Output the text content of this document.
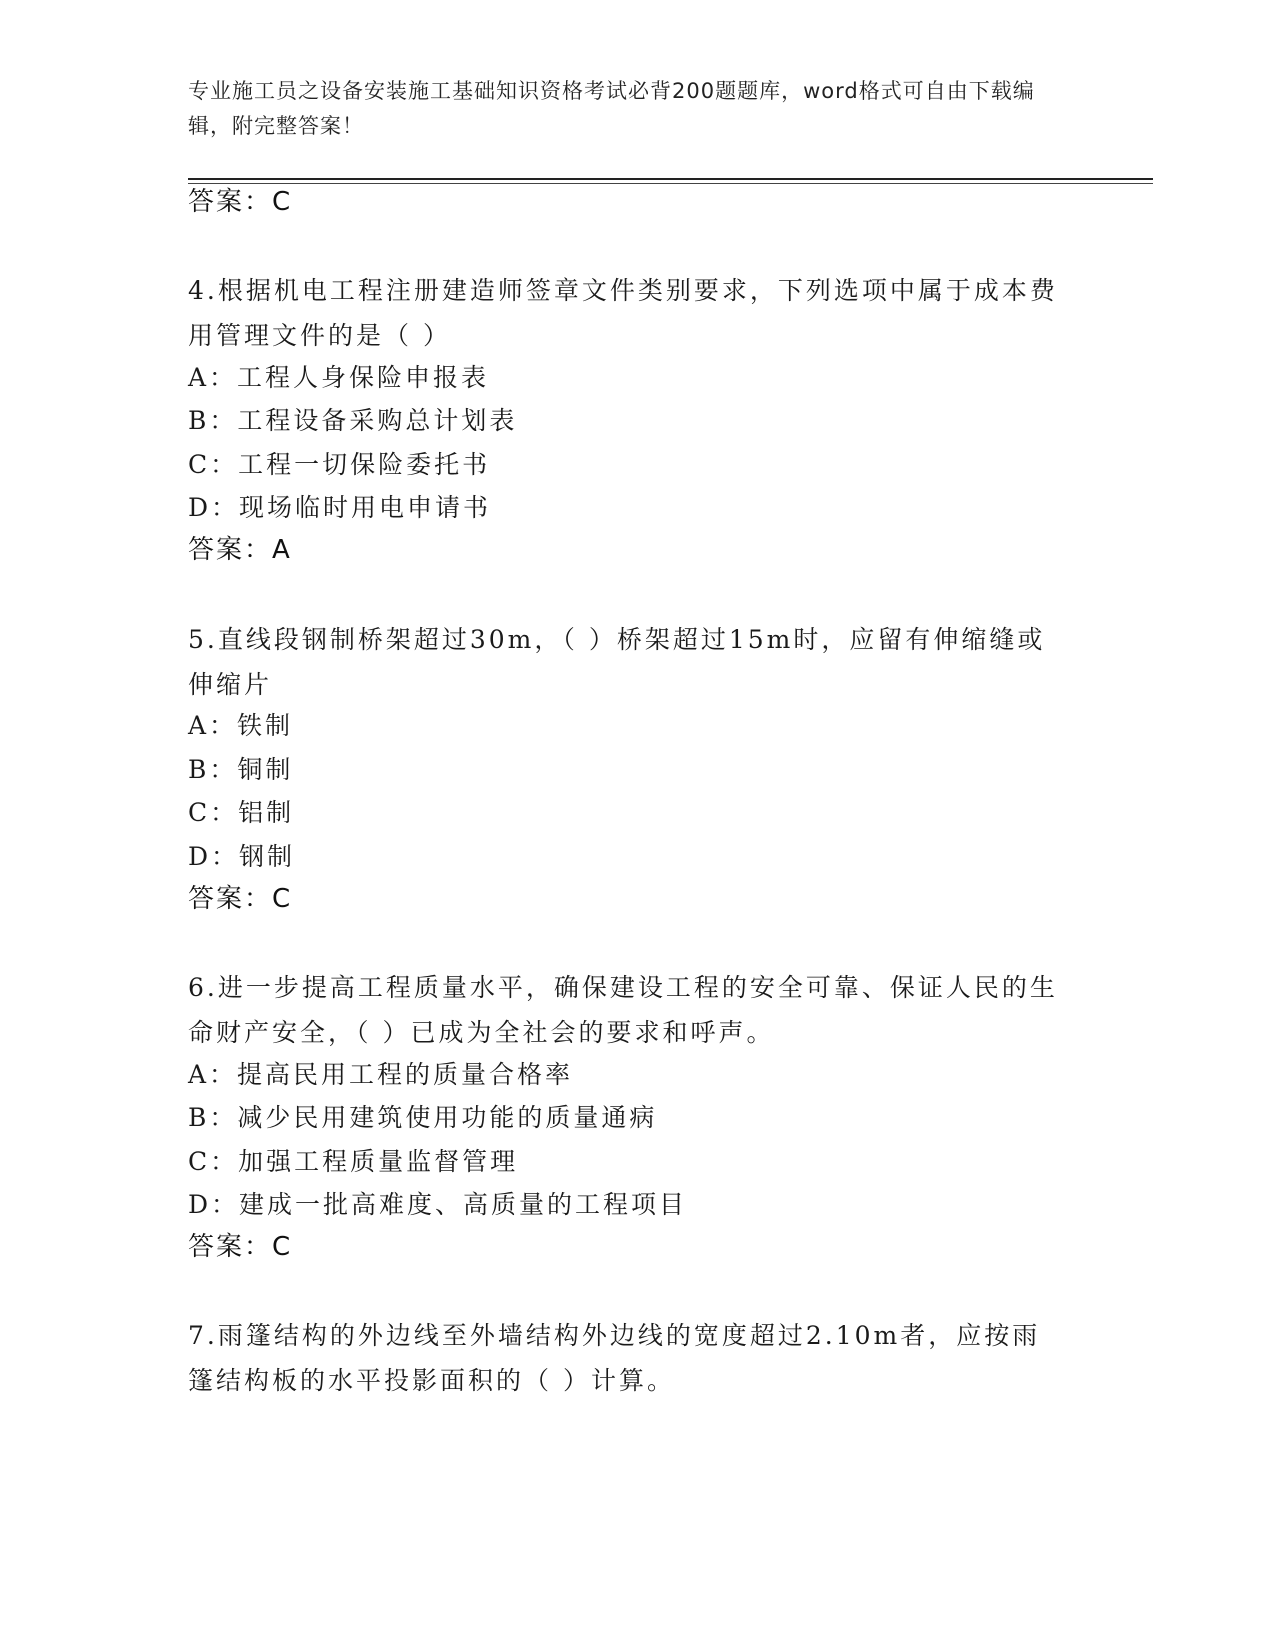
专业施工员之设备安装施工基础知识资格考试必背200题题库，word格式可自由下载编辑，附完整答案！
答案：C
4.根据机电工程注册建造师签章文件类别要求，下列选项中属于成本费用管理文件的是（ ）
A：工程人身保险申报表
B：工程设备采购总计划表
C：工程一切保险委托书
D：现场临时用电申请书
答案：A
5.直线段钢制桥架超过30m，（ ）桥架超过15m时，应留有伸缩缝或伸缩片
A：铁制
B：铜制
C：铝制
D：钢制
答案：C
6.进一步提高工程质量水平，确保建设工程的安全可靠、保证人民的生命财产安全，（ ）已成为全社会的要求和呼声。
A：提高民用工程的质量合格率
B：减少民用建筑使用功能的质量通病
C：加强工程质量监督管理
D：建成一批高难度、高质量的工程项目
答案：C
7.雨篷结构的外边线至外墙结构外边线的宽度超过2.10m者，应按雨篷结构板的水平投影面积的（ ）计算。
